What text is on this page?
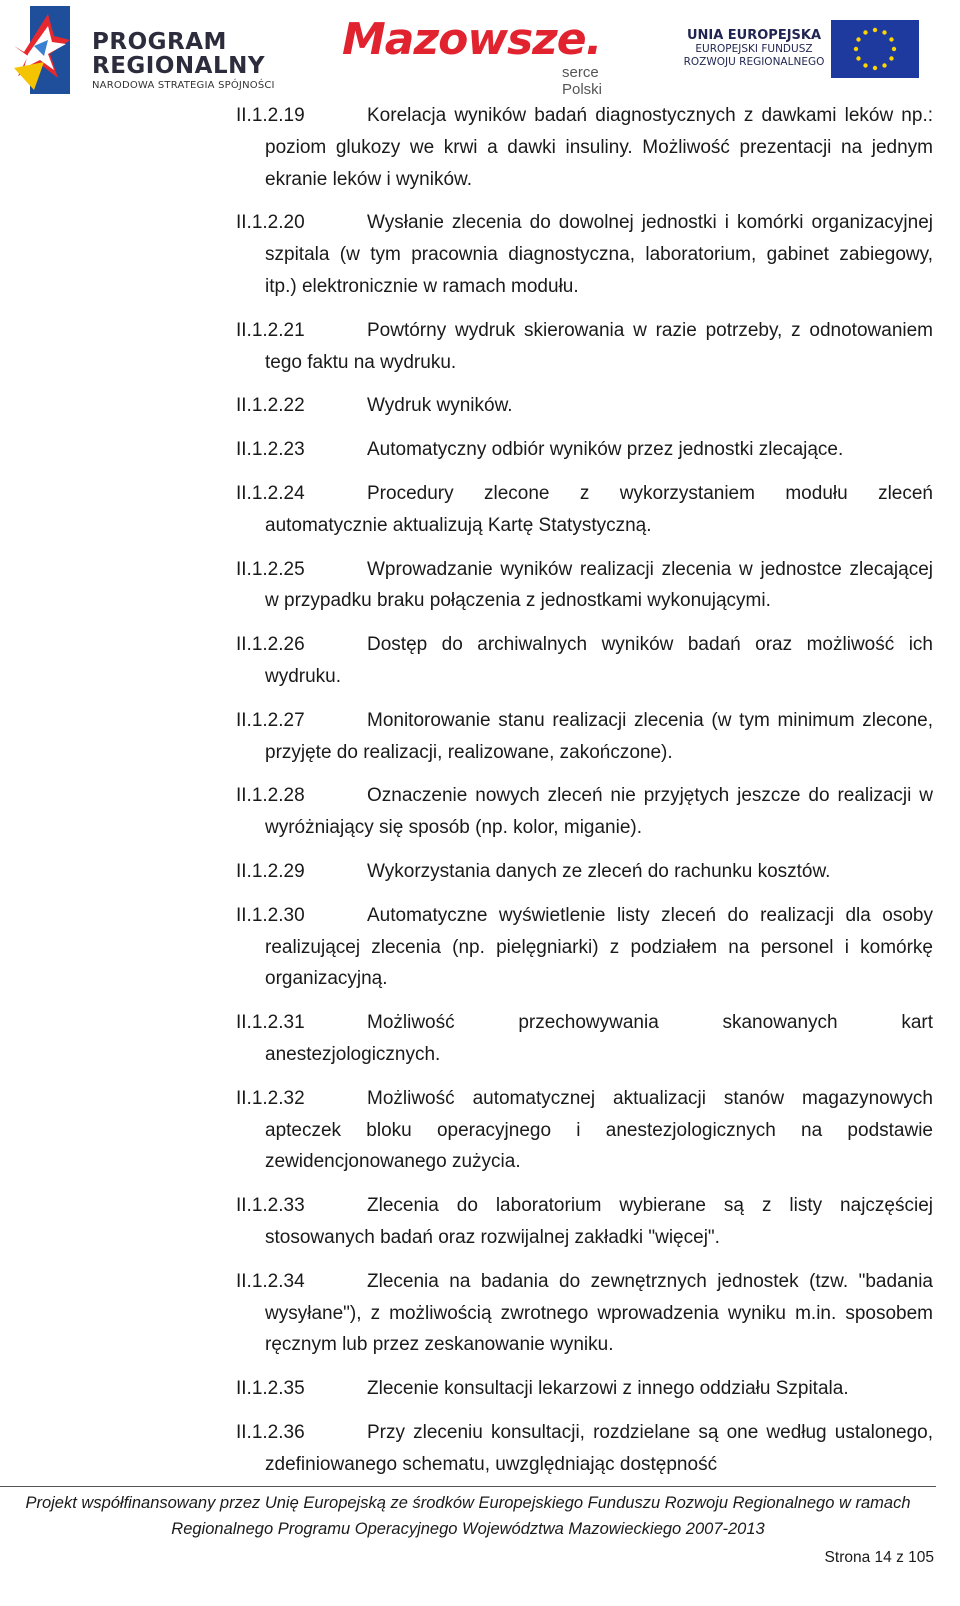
PROGRAM
REGIONALNY
NARODOWA STRATEGIA SPÓJNOŚCI
Mazowsze.
serce Polski
UNIA EUROPEJSKA
EUROPEJSKI FUNDUSZ
ROZWOJU REGIONALNEGO

II.1.2.19	Korelacja wyników badań diagnostycznych z dawkami leków np.: poziom glukozy we krwi a dawki insuliny. Możliwość prezentacji na jednym ekranie leków i wyników.

II.1.2.20	Wysłanie zlecenia do dowolnej jednostki i komórki organizacyjnej szpitala (w tym pracownia diagnostyczna, laboratorium, gabinet zabiegowy, itp.) elektronicznie w ramach modułu.

II.1.2.21	Powtórny wydruk skierowania w razie potrzeby, z odnotowaniem tego faktu na wydruku.

II.1.2.22	Wydruk wyników.

II.1.2.23	Automatyczny odbiór wyników przez jednostki zlecające.

II.1.2.24	Procedury zlecone z wykorzystaniem modułu zleceń automatycznie aktualizują Kartę Statystyczną.

II.1.2.25	Wprowadzanie wyników realizacji zlecenia w jednostce zlecającej w przypadku braku połączenia z jednostkami wykonującymi.

II.1.2.26	Dostęp do archiwalnych wyników badań oraz możliwość ich wydruku.

II.1.2.27	Monitorowanie stanu realizacji zlecenia (w tym minimum zlecone, przyjęte do realizacji, realizowane, zakończone).

II.1.2.28	Oznaczenie nowych zleceń nie przyjętych jeszcze do realizacji w wyróżniający się sposób (np. kolor, miganie).

II.1.2.29	Wykorzystania danych ze zleceń do rachunku kosztów.

II.1.2.30	Automatyczne wyświetlenie listy zleceń do realizacji dla osoby realizującej zlecenia (np. pielęgniarki) z podziałem na personel i komórkę organizacyjną.

II.1.2.31	Możliwość przechowywania skanowanych kart anestezjologicznych.

II.1.2.32	Możliwość automatycznej aktualizacji stanów magazynowych apteczek bloku operacyjnego i anestezjologicznych na podstawie zewidencjonowanego zużycia.

II.1.2.33	Zlecenia do laboratorium wybierane są z listy najczęściej stosowanych badań oraz rozwijalnej zakładki "więcej".

II.1.2.34	Zlecenia na badania do zewnętrznych jednostek (tzw. "badania wysyłane"), z możliwością zwrotnego wprowadzenia wyniku m.in. sposobem ręcznym lub przez zeskanowanie wyniku.

II.1.2.35	Zlecenie konsultacji lekarzowi z innego oddziału Szpitala.

II.1.2.36	Przy zleceniu konsultacji, rozdzielane są one według ustalonego, zdefiniowanego schematu, uwzględniając dostępność

Projekt współfinansowany przez Unię Europejską ze środków Europejskiego Funduszu Rozwoju Regionalnego w ramach
Regionalnego Programu Operacyjnego Województwa Mazowieckiego 2007-2013
Strona 14 z 105
